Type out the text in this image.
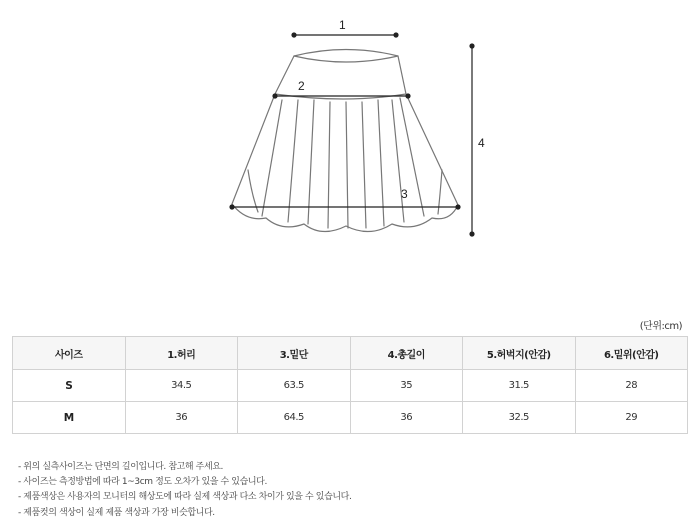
1
2
3
4
(단위:cm)
사이즈	1.허리	3.밑단	4.총길이	5.허벅지(안감)	6.밑위(안감)
S	34.5	63.5	35	31.5	28
M	36	64.5	36	32.5	29
- 위의 실측사이즈는 단면의 길이입니다. 참고해 주세요.
- 사이즈는 측정방법에 따라 1~3cm 정도 오차가 있을 수 있습니다.
- 제품색상은 사용자의 모니터의 해상도에 따라 실제 색상과 다소 차이가 있을 수 있습니다.
- 제품컷의 색상이 실제 제품 색상과 가장 비슷합니다.
